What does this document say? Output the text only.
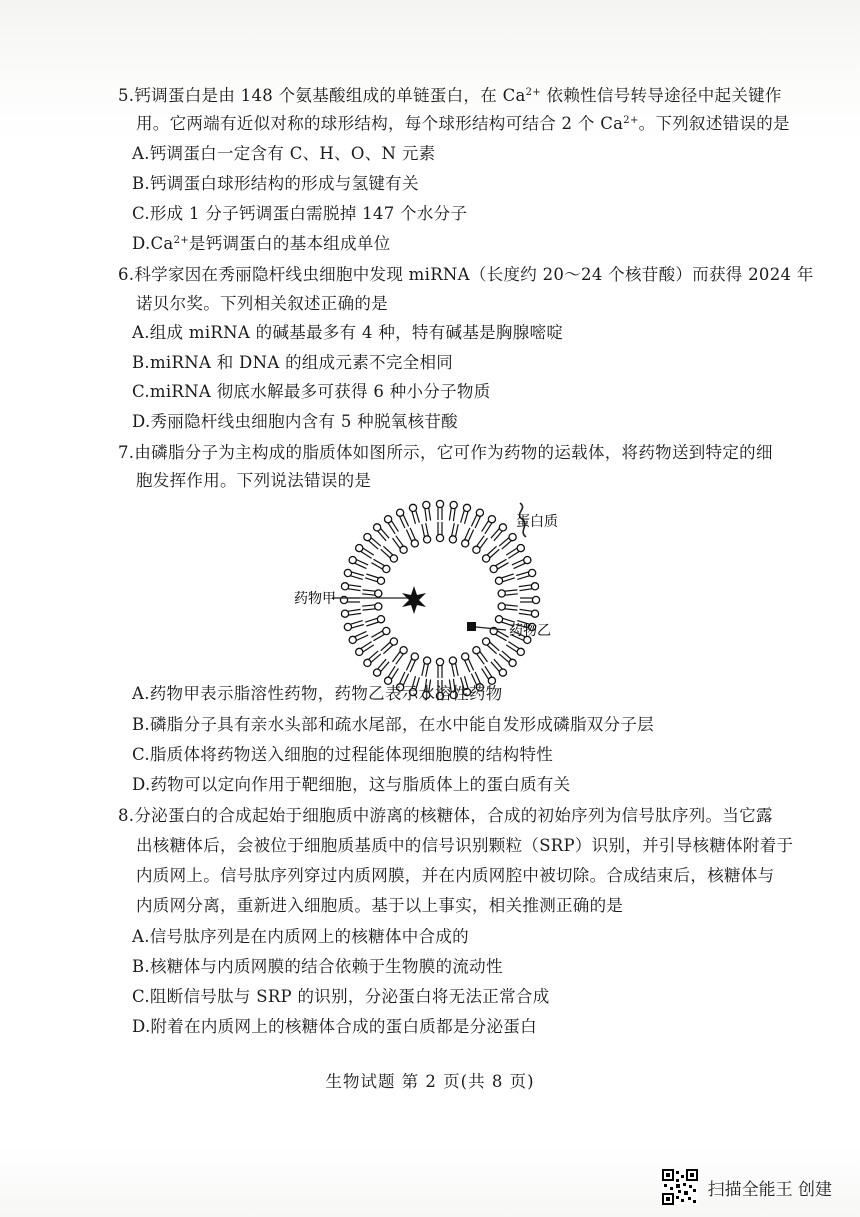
5.钙调蛋白是由 148 个氨基酸组成的单链蛋白，在 $Ca^{2+}$ 依赖性信号转导途径中起关键作
用。它两端有近似对称的球形结构，每个球形结构可结合 2 个 $Ca^{2+}$。下列叙述错误的是
A.钙调蛋白一定含有 C、H、O、N 元素
B.钙调蛋白球形结构的形成与氢键有关
C.形成 1 分子钙调蛋白需脱掉 147 个水分子
$D.Ca^{2+}$是钙调蛋白的基本组成单位
6.科学家因在秀丽隐杆线虫细胞中发现 miRNA（长度约 20～24 个核苷酸）而获得 2024 年
诺贝尔奖。下列相关叙述正确的是
A.组成 miRNA 的碱基最多有 4 种，特有碱基是胸腺嘧啶
B.miRNA 和 DNA 的组成元素不完全相同
C.miRNA 彻底水解最多可获得 6 种小分子物质
D.秀丽隐杆线虫细胞内含有 5 种脱氧核苷酸
7.由磷脂分子为主构成的脂质体如图所示，它可作为药物的运载体，将药物送到特定的细
胞发挥作用。下列说法错误的是
蛋白质
药物甲
药物乙
A.药物甲表示脂溶性药物，药物乙表示水溶性药物
B.磷脂分子具有亲水头部和疏水尾部，在水中能自发形成磷脂双分子层
C.脂质体将药物送入细胞的过程能体现细胞膜的结构特性
D.药物可以定向作用于靶细胞，这与脂质体上的蛋白质有关
8.分泌蛋白的合成起始于细胞质中游离的核糖体，合成的初始序列为信号肽序列。当它露
出核糖体后，会被位于细胞质基质中的信号识别颗粒（SRP）识别，并引导核糖体附着于
内质网上。信号肽序列穿过内质网膜，并在内质网腔中被切除。合成结束后，核糖体与
内质网分离，重新进入细胞质。基于以上事实，相关推测正确的是
A.信号肽序列是在内质网上的核糖体中合成的
B.核糖体与内质网膜的结合依赖于生物膜的流动性
C.阻断信号肽与 SRP 的识别，分泌蛋白将无法正常合成
D.附着在内质网上的核糖体合成的蛋白质都是分泌蛋白
生物试题 第 2 页(共 8 页)
扫描全能王 创建
